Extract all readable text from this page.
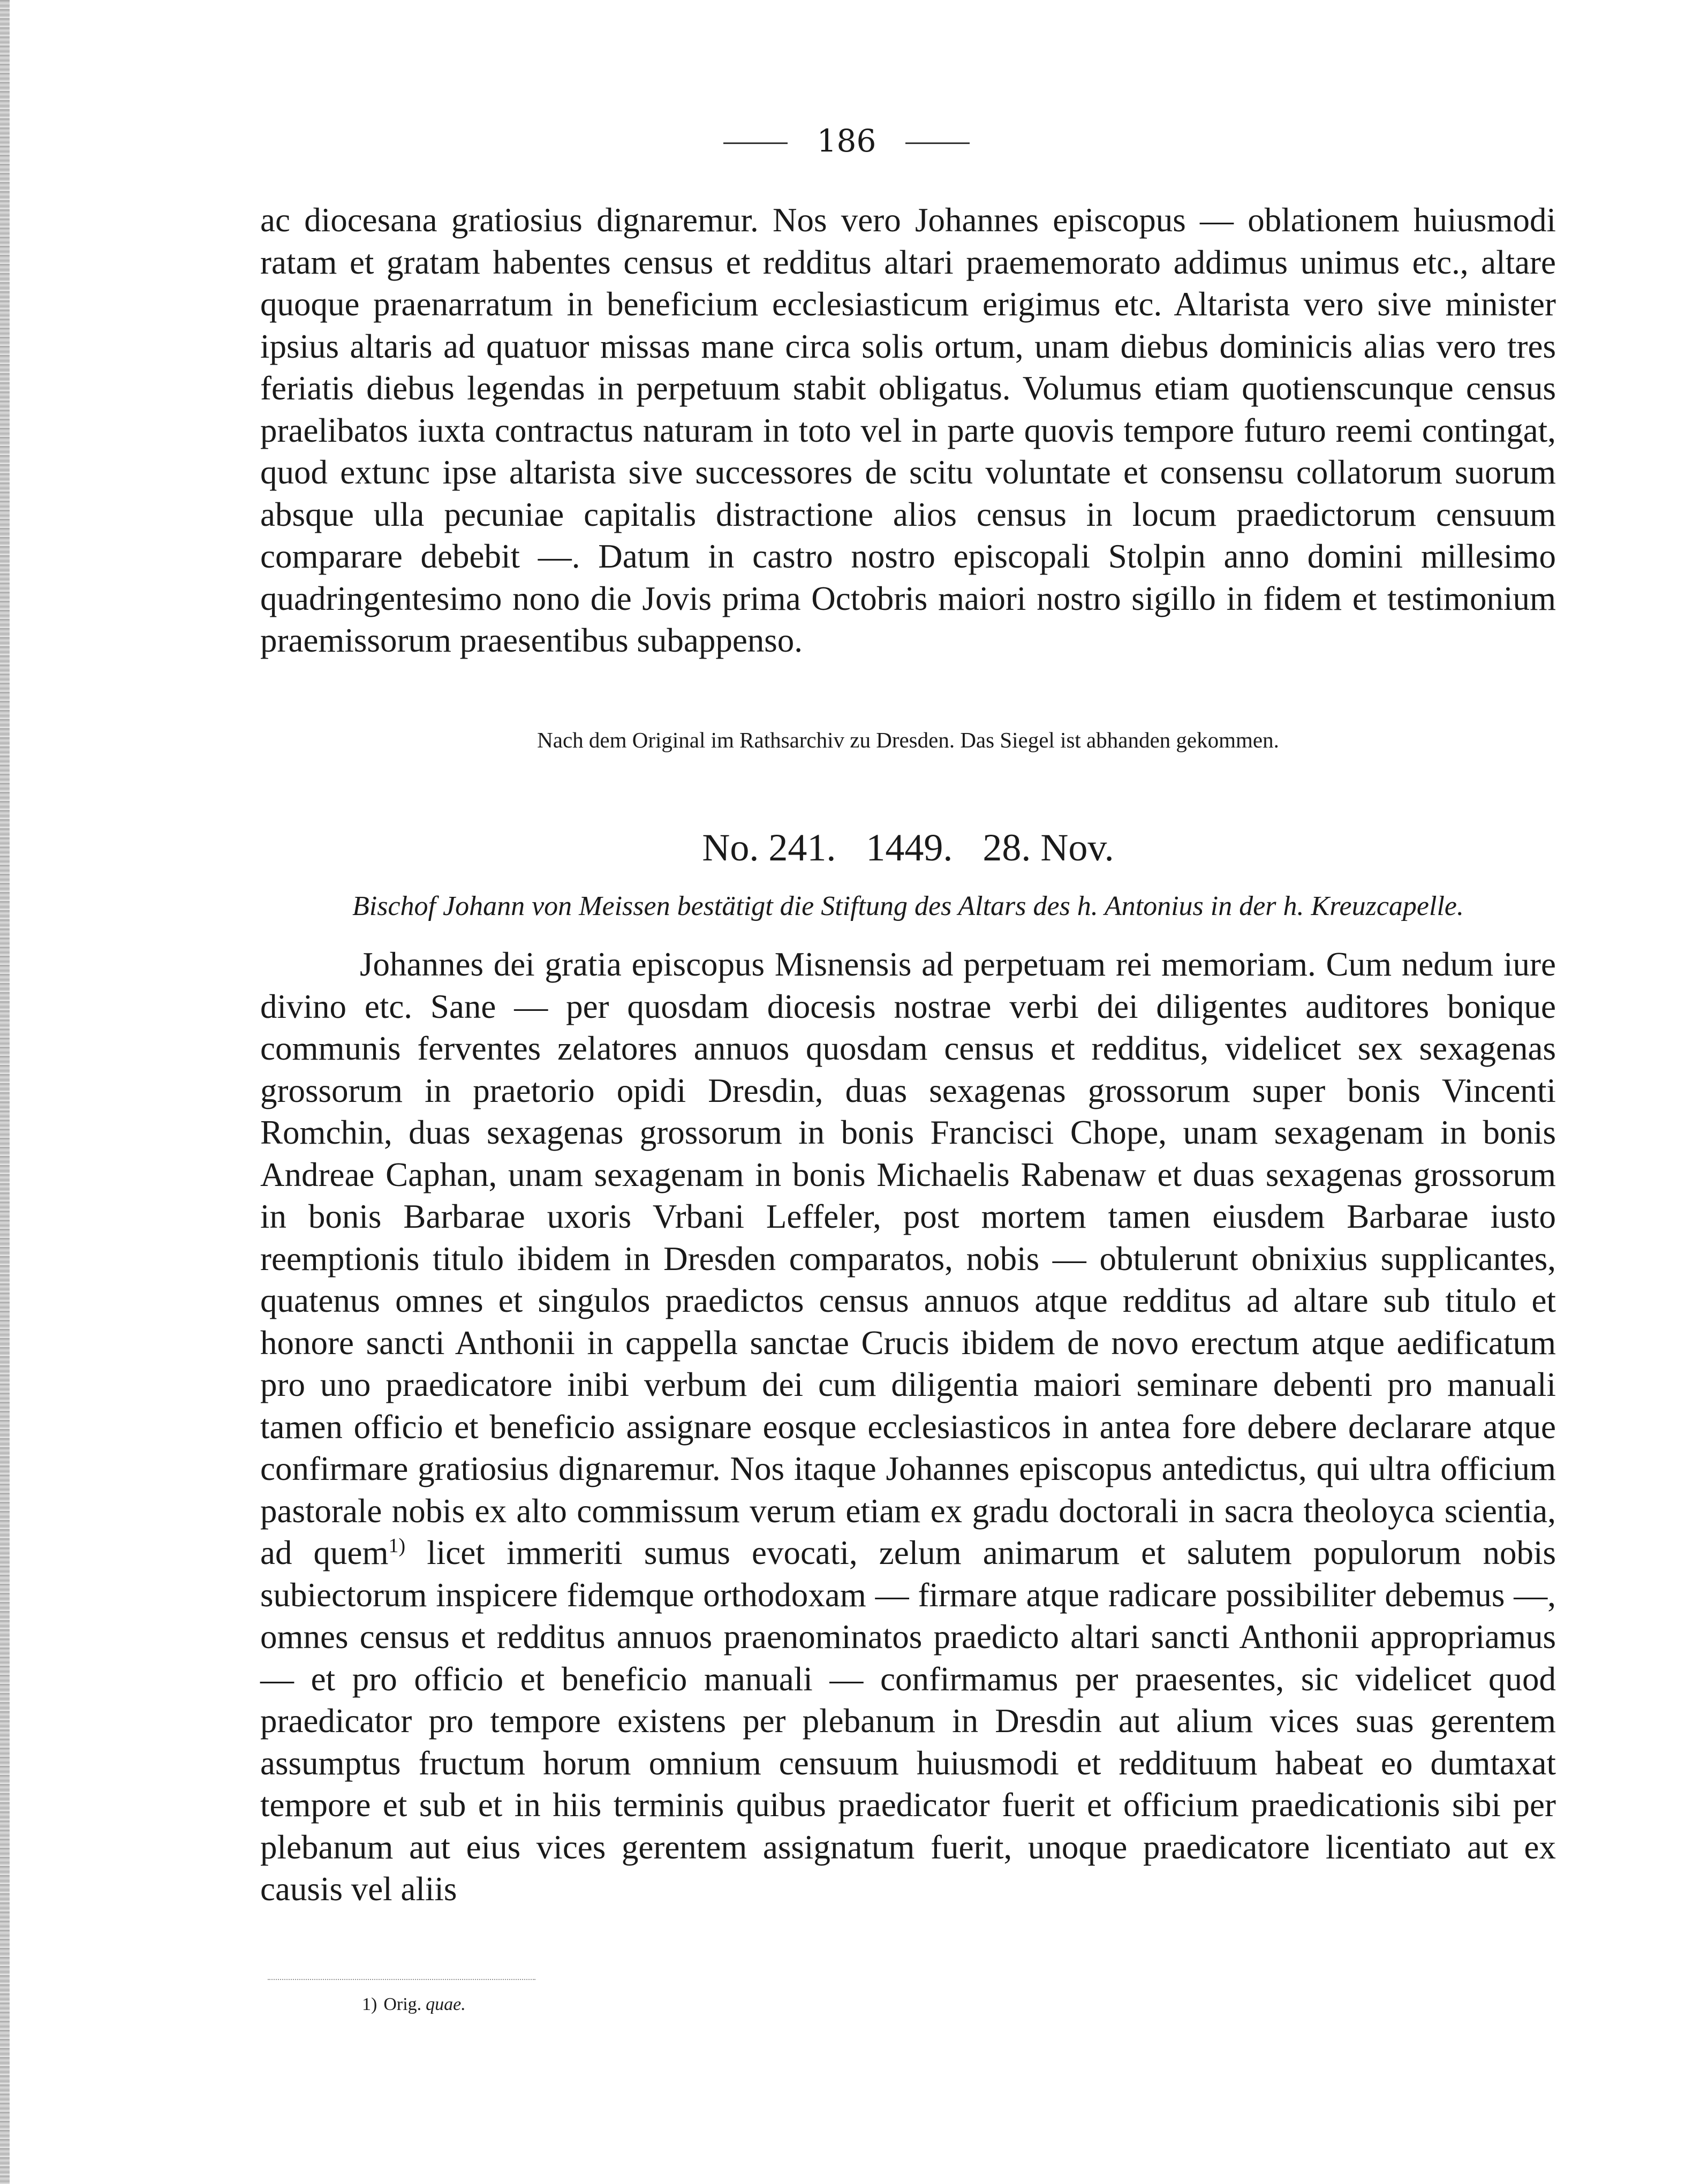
186

ac diocesana gratiosius dignaremur. Nos vero Johannes episcopus — oblationem huiusmodi ratam et gratam habentes census et redditus altari praememorato addimus unimus etc., altare quoque praenarratum in beneficium ecclesiasticum erigimus etc. Altarista vero sive minister ipsius altaris ad quatuor missas mane circa solis ortum, unam diebus dominicis alias vero tres feriatis diebus legendas in perpetuum stabit obligatus. Volumus etiam quotienscunque census praelibatos iuxta contractus naturam in toto vel in parte quovis tempore futuro reemi contingat, quod extunc ipse altarista sive successores de scitu voluntate et consensu collatorum suorum absque ulla pecuniae capitalis distractione alios census in locum praedictorum censuum comparare debebit —. Datum in castro nostro episcopali Stolpin anno domini millesimo quadringentesimo nono die Jovis prima Octobris maiori nostro sigillo in fidem et testimonium praemissorum praesentibus subappenso.

Nach dem Original im Rathsarchiv zu Dresden. Das Siegel ist abhanden gekommen.
No. 241. 1449. 28. Nov.
Bischof Johann von Meissen bestätigt die Stiftung des Altars des h. Antonius in der h. Kreuzcapelle.

Johannes dei gratia episcopus Misnensis ad perpetuam rei memoriam. Cum nedum iure divino etc. Sane — per quosdam diocesis nostrae verbi dei diligentes auditores bonique communis ferventes zelatores annuos quosdam census et redditus, videlicet sex sexagenas grossorum in praetorio opidi Dresdin, duas sexagenas grossorum super bonis Vincenti Romchin, duas sexagenas grossorum in bonis Francisci Chope, unam sexagenam in bonis Andreae Caphan, unam sexagenam in bonis Michaelis Rabenaw et duas sexagenas grossorum in bonis Barbarae uxoris Vrbani Leffeler, post mortem tamen eiusdem Barbarae iusto reemptionis titulo ibidem in Dresden comparatos, nobis — obtulerunt obnixius supplicantes, quatenus omnes et singulos praedictos census annuos atque redditus ad altare sub titulo et honore sancti Anthonii in cappella sanctae Crucis ibidem de novo erectum atque aedificatum pro uno praedicatore inibi verbum dei cum diligentia maiori seminare debenti pro manuali tamen officio et beneficio assignare eosque ecclesiasticos in antea fore debere declarare atque confirmare gratiosius dignaremur. Nos itaque Johannes episcopus antedictus, qui ultra officium pastorale nobis ex alto commissum verum etiam ex gradu doctorali in sacra theoloyca scientia, ad quem$^{1)}$ licet immeriti sumus evocati, zelum animarum et salutem populorum nobis subiectorum inspicere fidemque orthodoxam — firmare atque radicare possibiliter debemus —, omnes census et redditus annuos praenominatos praedicto altari sancti Anthonii appropriamus — et pro officio et beneficio manuali — confirmamus per praesentes, sic videlicet quod praedicator pro tempore existens per plebanum in Dresdin aut alium vices suas gerentem assumptus fructum horum omnium censuum huiusmodi et reddituum habeat eo dumtaxat tempore et sub et in hiis terminis quibus praedicator fuerit et officium praedicationis sibi per plebanum aut eius vices gerentem assignatum fuerit, unoque praedicatore licentiato aut ex causis vel aliis

1) Orig. quae.
